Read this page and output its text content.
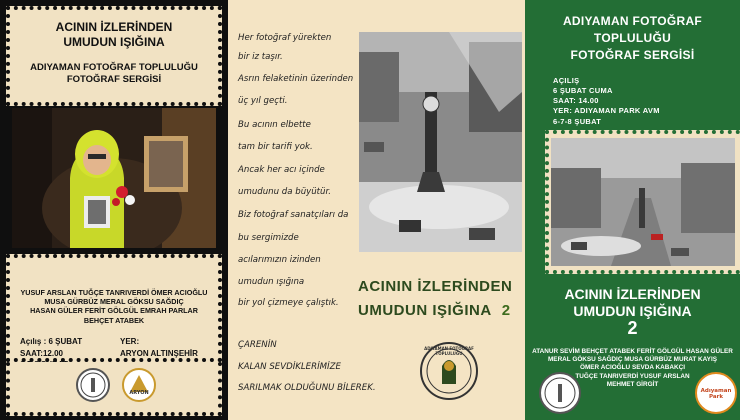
ACININ İZLERİNDEN
UMUDUN IŞIĞINA
ADIYAMAN FOTOĞRAF TOPLULUĞU
FOTOĞRAF SERGİSİ
YUSUF ARSLAN TUĞÇE TANRIVERDİ ÖMER ACIOĞLU
MUSA GÜRBÜZ MERAL GÖKSU SAĞDIÇ
HASAN GÜLER FERİT GÖLGÜL EMRAH PARLAR
BEHÇET ATABEK
Açılış : 6 ŞUBAT
SAAT:12.00
YER:
ARYON ALTINŞEHİR
ARYON
Her fotoğraf yürekten
bir iz taşır.
Asrın felaketinin üzerinden
üç yıl geçti.
Bu acının elbette
tam bir tarifi yok.
Ancak her acı içinde
umudunu da büyütür.
Biz fotoğraf sanatçıları da
bu sergimizde
acılarımızın izinden
umudun ışığına
bir yol çizmeye çalıştık.
ACININ İZLERİNDEN
UMUDUN IŞIĞINA 2
ÇARENİN
KALAN SEVDİKLERİMİZE
SARILMAK OLDUĞUNU BİLEREK.
ADIYAMAN FOTOĞRAF TOPLULUĞU
ADIYAMAN FOTOĞRAF
TOPLULUĞU
FOTOĞRAF SERGİSİ
AÇILIŞ
6 ŞUBAT CUMA
SAAT: 14.00
YER: ADIYAMAN PARK AVM
6-7-8 ŞUBAT
ACININ İZLERİNDEN
UMUDUN IŞIĞINA
2
ATANUR SEVİM BEHÇET ATABEK FERİT GÖLGÜL HASAN GÜLER
MERAL GÖKSU SAĞDIÇ MUSA GÜRBÜZ MURAT KAYIŞ
ÖMER ACIOĞLU SEVDA KABAKÇI
TUĞÇE TANRIVERDİ YUSUF ARSLAN
MEHMET GİRGİT
Adıyaman Park
